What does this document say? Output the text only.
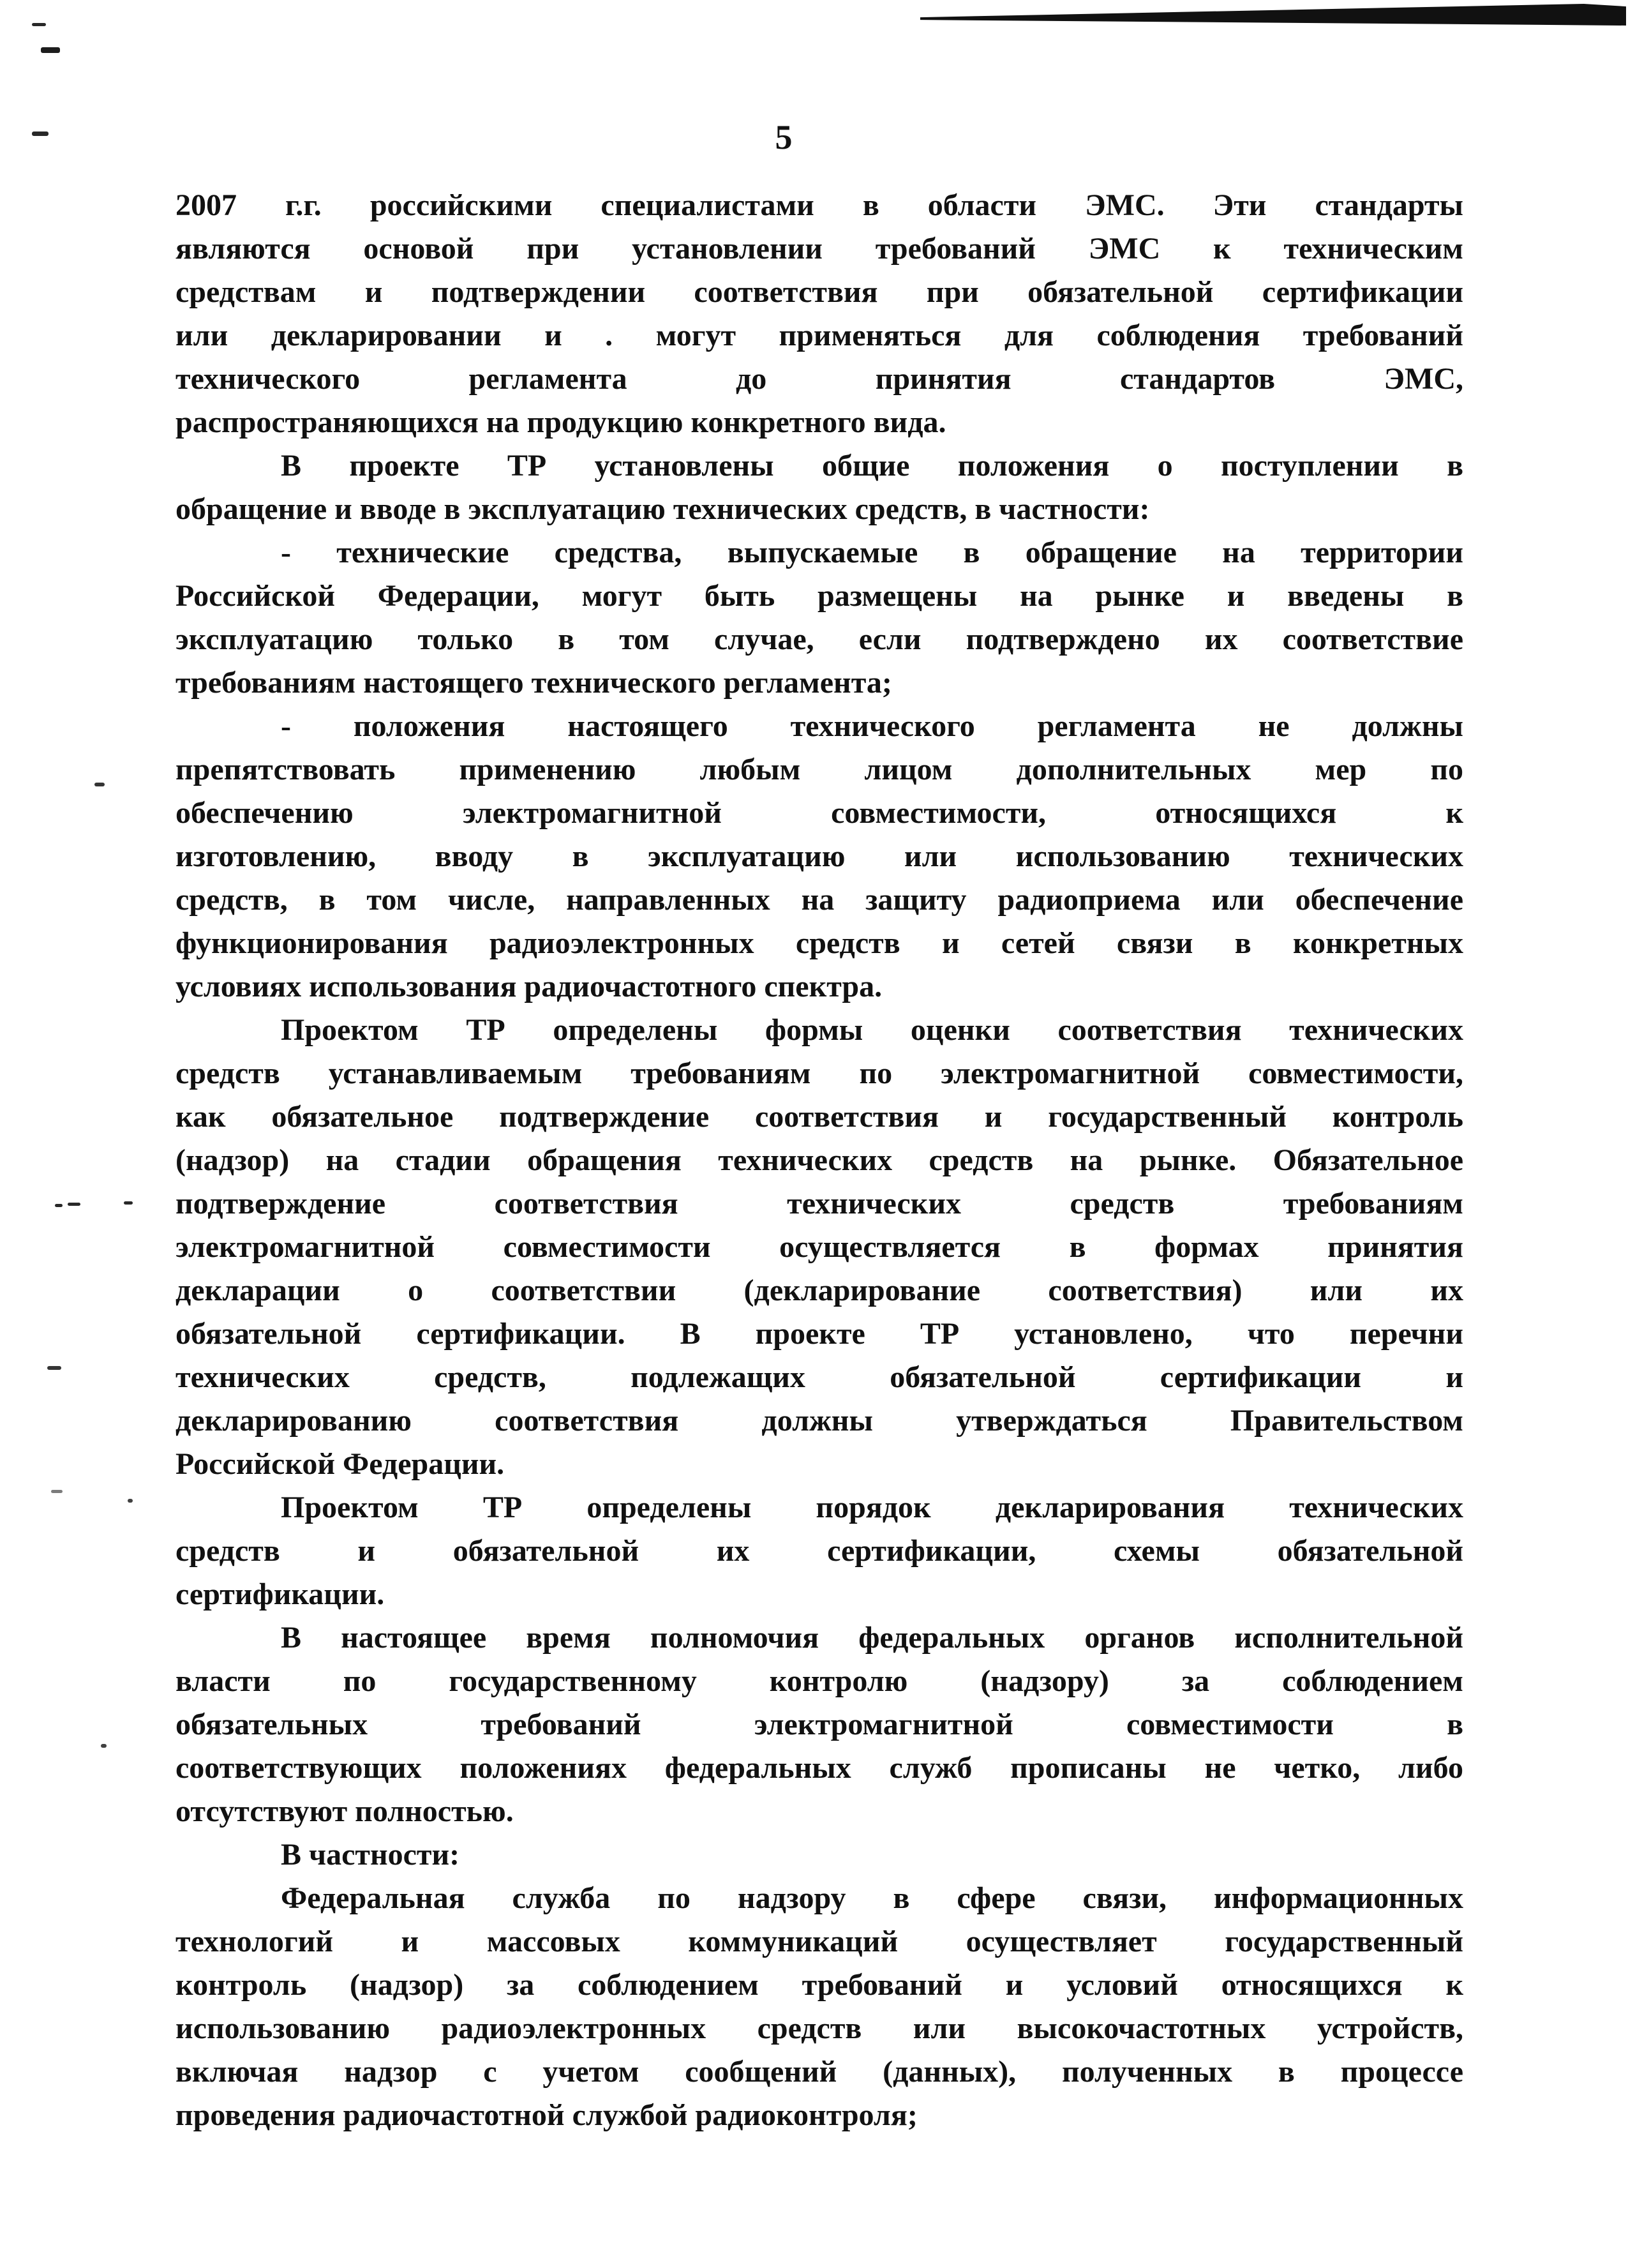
5
2007 г.г. российскими специалистами в области ЭМС. Эти стандарты
являются основой при установлении требований ЭМС к техническим
средствам и подтверждении соответствия при обязательной сертификации
или декларировании и . могут применяться для соблюдения требований
технического регламента до принятия стандартов ЭМС,
распространяющихся на продукцию конкретного вида.
В проекте ТР установлены общие положения о поступлении в
обращение и вводе в эксплуатацию технических средств, в частности:
- технические средства, выпускаемые в обращение на территории
Российской Федерации, могут быть размещены на рынке и введены в
эксплуатацию только в том случае, если подтверждено их соответствие
требованиям настоящего технического регламента;
- положения настоящего технического регламента не должны
препятствовать применению любым лицом дополнительных мер по
обеспечению электромагнитной совместимости, относящихся к
изготовлению, вводу в эксплуатацию или использованию технических
средств, в том числе, направленных на защиту радиоприема или обеспечение
функционирования радиоэлектронных средств и сетей связи в конкретных
условиях использования радиочастотного спектра.
Проектом ТР определены формы оценки соответствия технических
средств устанавливаемым требованиям по электромагнитной совместимости,
как обязательное подтверждение соответствия и государственный контроль
(надзор) на стадии обращения технических средств на рынке. Обязательное
подтверждение соответствия технических средств требованиям
электромагнитной совместимости осуществляется в формах принятия
декларации о соответствии (декларирование соответствия) или их
обязательной сертификации. В проекте ТР установлено, что перечни
технических средств, подлежащих обязательной сертификации и
декларированию соответствия должны утверждаться Правительством
Российской Федерации.
Проектом ТР определены порядок декларирования технических
средств и обязательной их сертификации, схемы обязательной
сертификации.
В настоящее время полномочия федеральных органов исполнительной
власти по государственному контролю (надзору) за соблюдением
обязательных требований электромагнитной совместимости в
соответствующих положениях федеральных служб прописаны не четко, либо
отсутствуют полностью.
В частности:
Федеральная служба по надзору в сфере связи, информационных
технологий и массовых коммуникаций осуществляет государственный
контроль (надзор) за соблюдением требований и условий относящихся к
использованию радиоэлектронных средств или высокочастотных устройств,
включая надзор с учетом сообщений (данных), полученных в процессе
проведения радиочастотной службой радиоконтроля;
